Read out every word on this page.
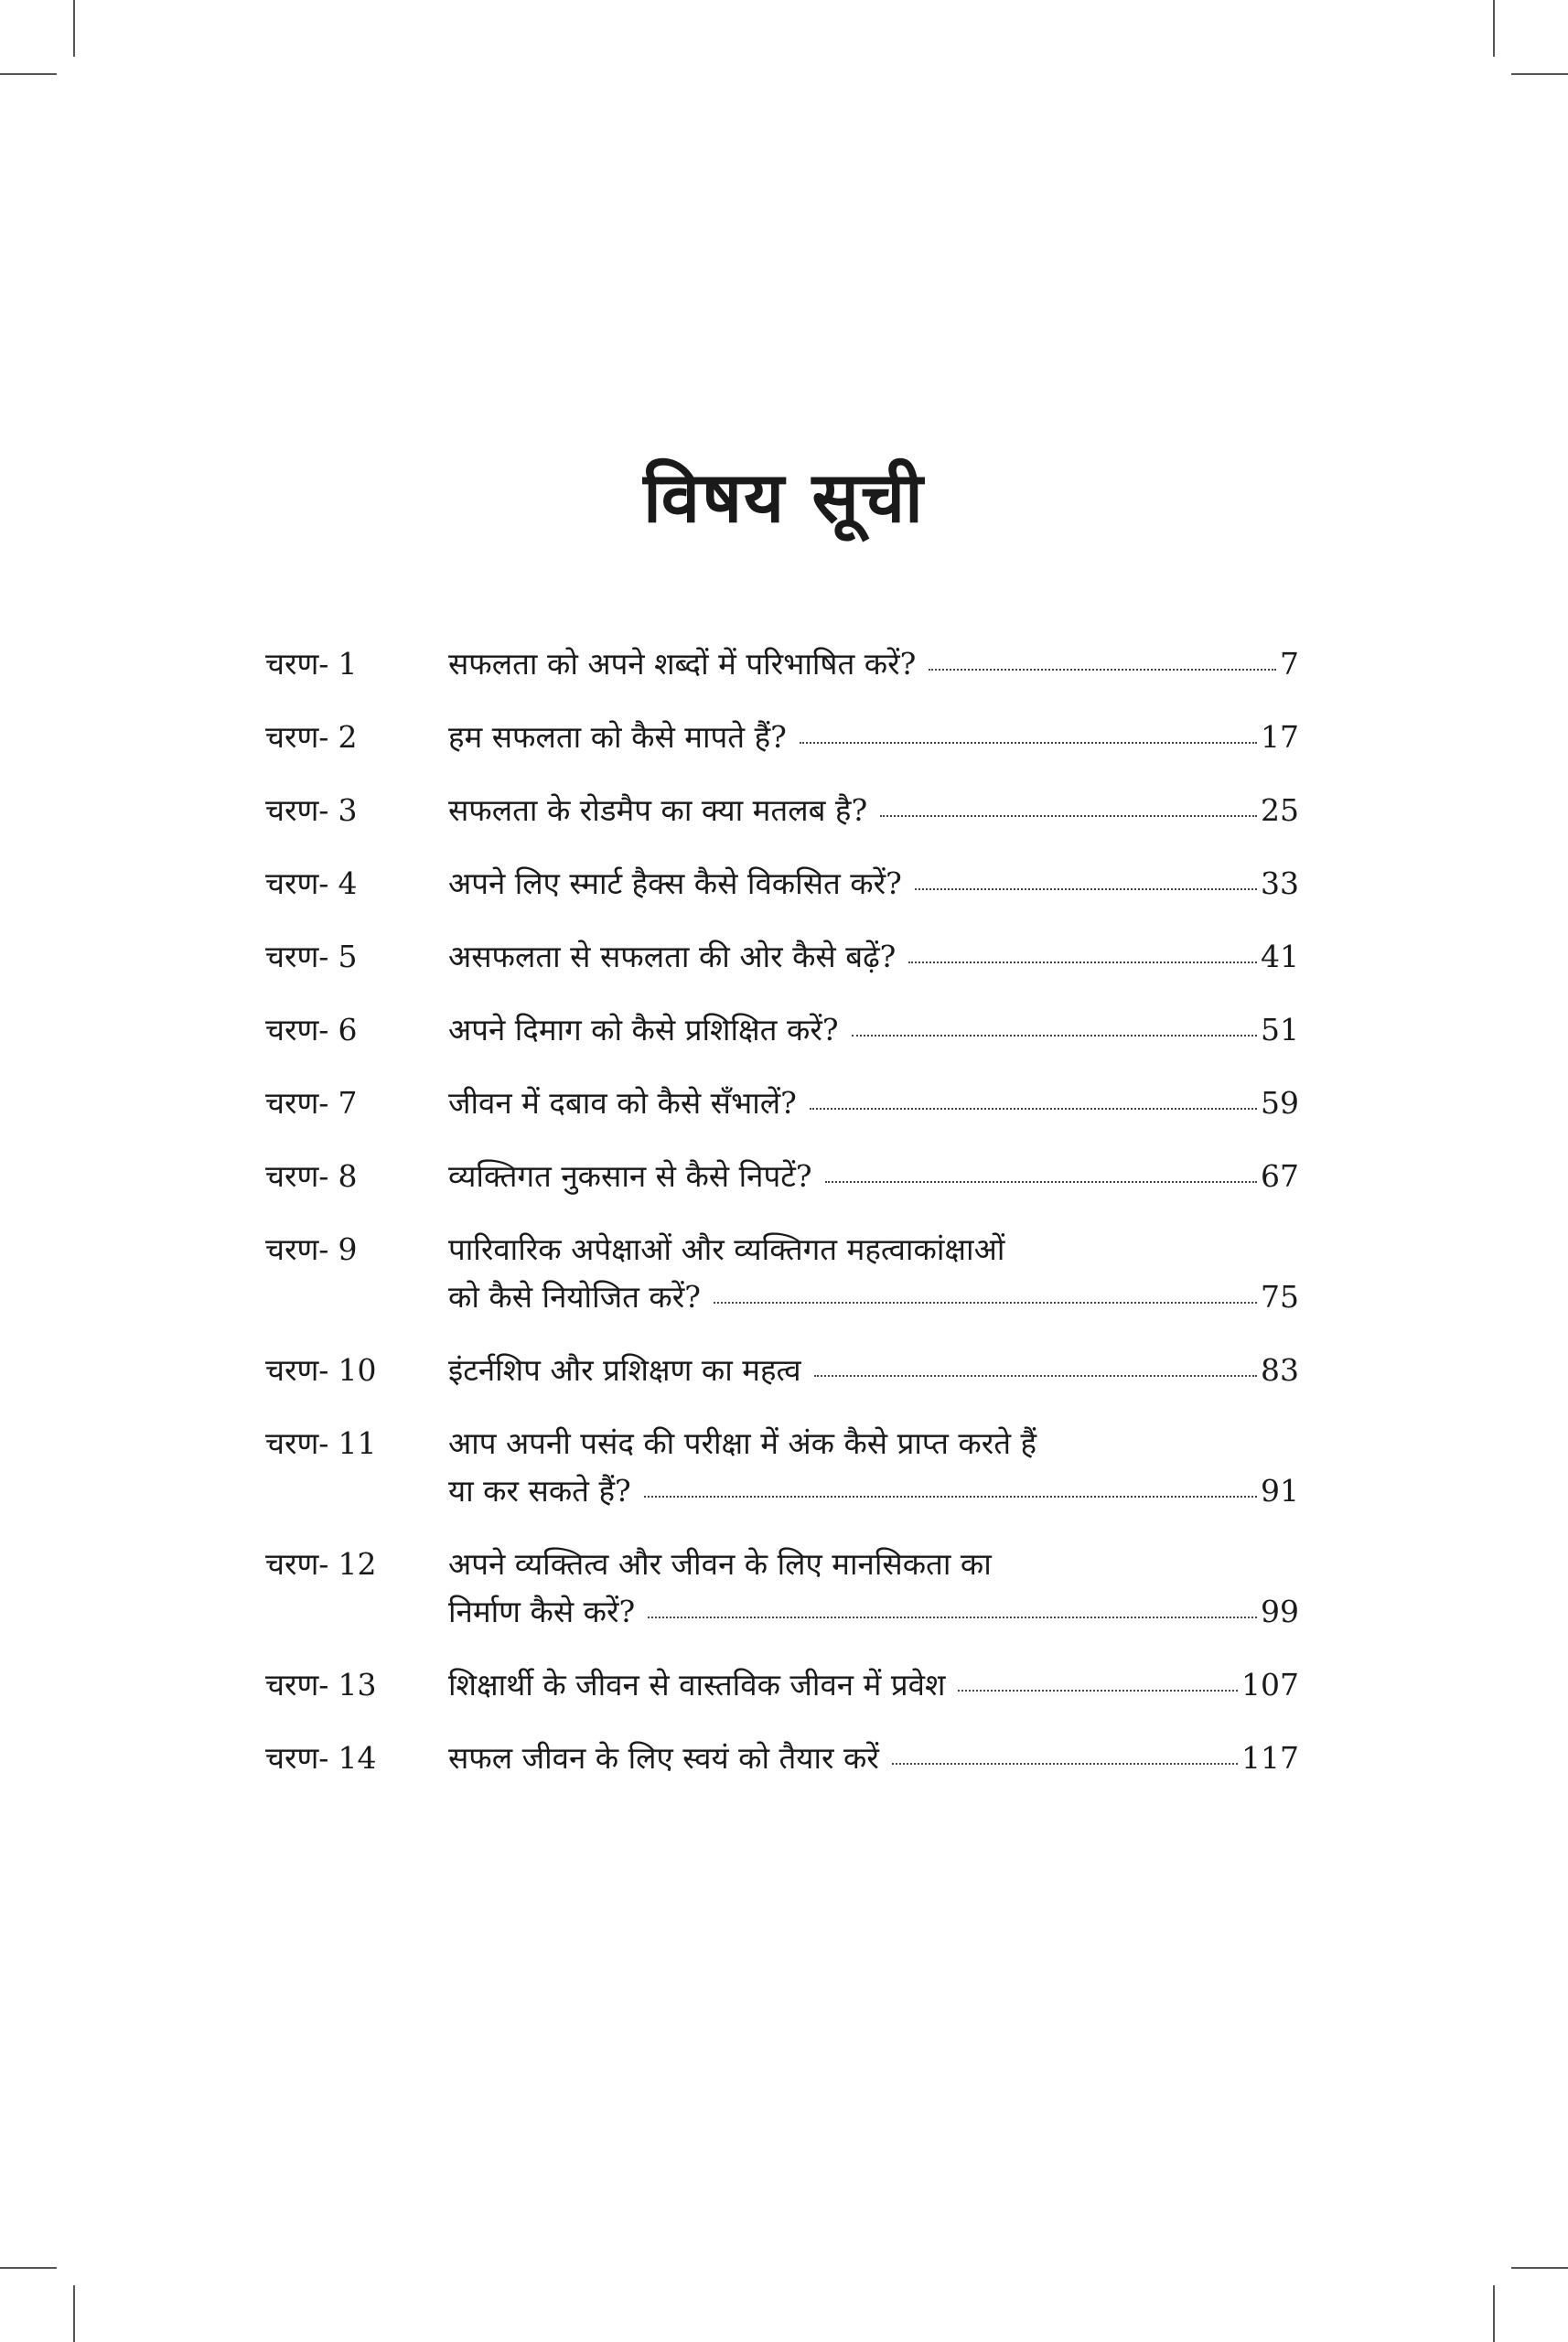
विषय सूची
चरण- 1	सफलता को अपने शब्दों में परिभाषित करें?	7
चरण- 2	हम सफलता को कैसे मापते हैं?	17
चरण- 3	सफलता के रोडमैप का क्या मतलब है?	25
चरण- 4	अपने लिए स्मार्ट हैक्स कैसे विकसित करें?	33
चरण- 5	असफलता से सफलता की ओर कैसे बढ़ें?	41
चरण- 6	अपने दिमाग को कैसे प्रशिक्षित करें?	51
चरण- 7	जीवन में दबाव को कैसे सँभालें?	59
चरण- 8	व्यक्तिगत नुकसान से कैसे निपटें?	67
चरण- 9	पारिवारिक अपेक्षाओं और व्यक्तिगत महत्वाकांक्षाओं
को कैसे नियोजित करें?	75
चरण- 10	इंटर्नशिप और प्रशिक्षण का महत्व	83
चरण- 11	आप अपनी पसंद की परीक्षा में अंक कैसे प्राप्त करते हैं
या कर सकते हैं?	91
चरण- 12	अपने व्यक्तित्व और जीवन के लिए मानसिकता का
निर्माण कैसे करें?	99
चरण- 13	शिक्षार्थी के जीवन से वास्तविक जीवन में प्रवेश	107
चरण- 14	सफल जीवन के लिए स्वयं को तैयार करें	117
